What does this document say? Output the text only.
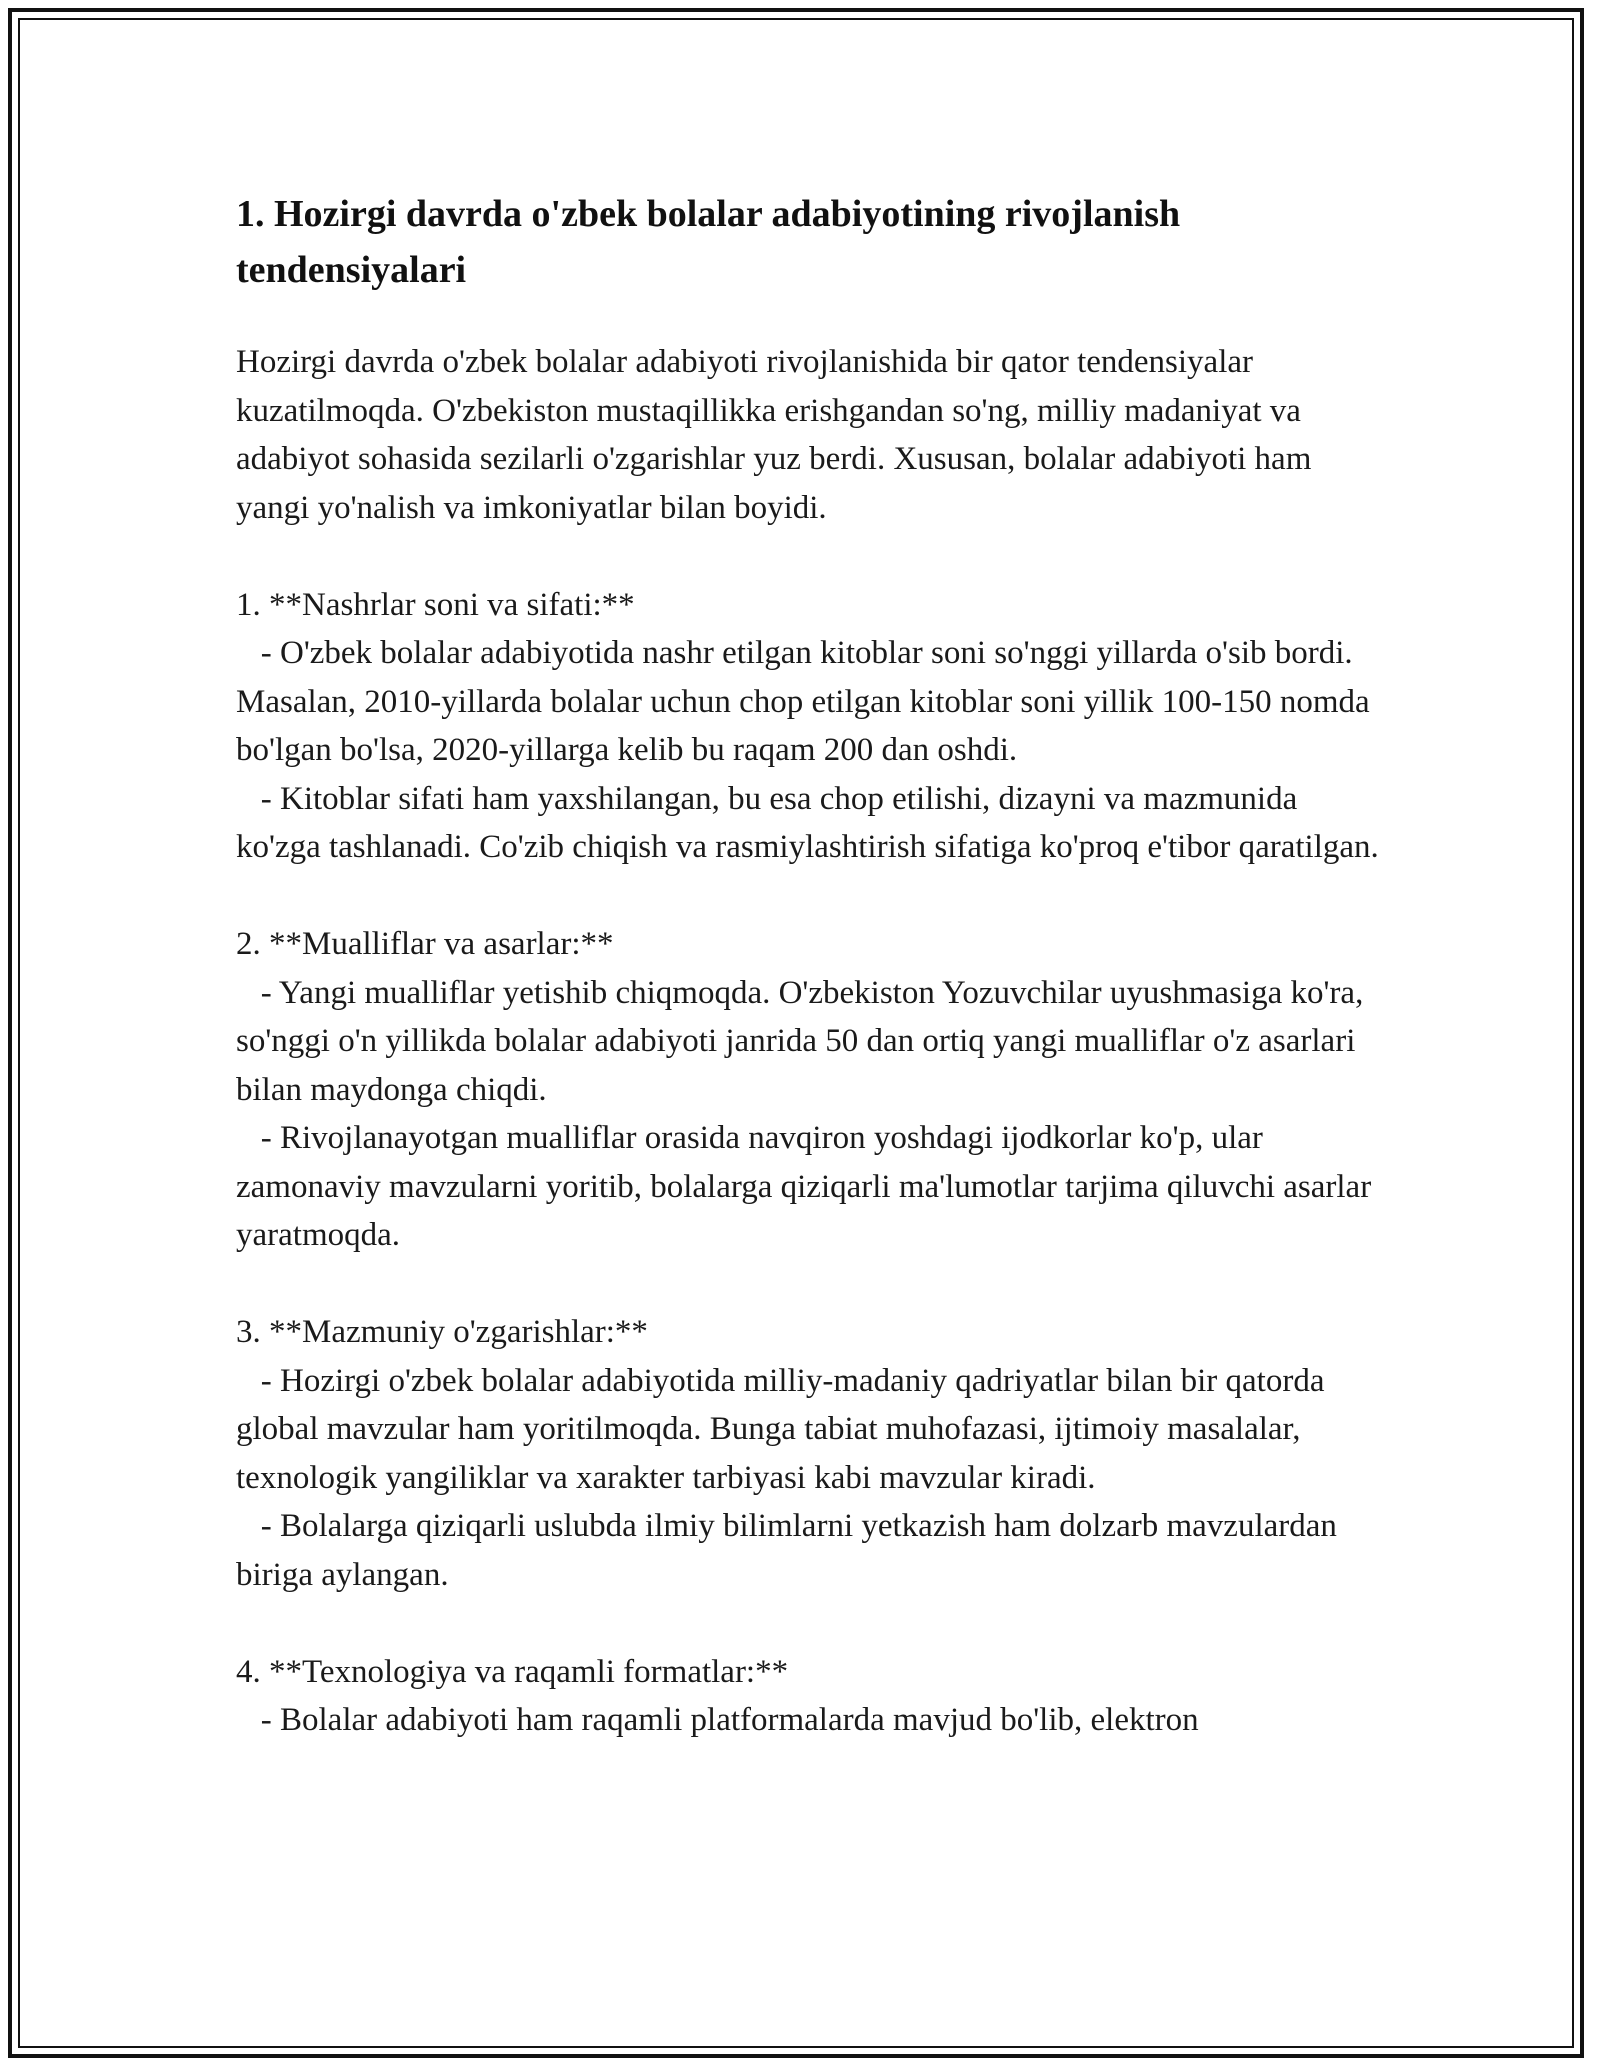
1. Hozirgi davrda o'zbek bolalar adabiyotining rivojlanish tendensiyalari

Hozirgi davrda o'zbek bolalar adabiyoti rivojlanishida bir qator tendensiyalar kuzatilmoqda. O'zbekiston mustaqillikka erishgandan so'ng, milliy madaniyat va adabiyot sohasida sezilarli o'zgarishlar yuz berdi. Xususan, bolalar adabiyoti ham yangi yo'nalish va imkoniyatlar bilan boyidi.

1. **Nashrlar soni va sifati:**
- O'zbek bolalar adabiyotida nashr etilgan kitoblar soni so'nggi yillarda o'sib bordi. Masalan, 2010-yillarda bolalar uchun chop etilgan kitoblar soni yillik 100-150 nomda bo'lgan bo'lsa, 2020-yillarga kelib bu raqam 200 dan oshdi.
- Kitoblar sifati ham yaxshilangan, bu esa chop etilishi, dizayni va mazmunida ko'zga tashlanadi. Co'zib chiqish va rasmiylashtirish sifatiga ko'proq e'tibor qaratilgan.

2. **Mualliflar va asarlar:**
- Yangi mualliflar yetishib chiqmoqda. O'zbekiston Yozuvchilar uyushmasiga ko'ra, so'nggi o'n yillikda bolalar adabiyoti janrida 50 dan ortiq yangi mualliflar o'z asarlari bilan maydonga chiqdi.
- Rivojlanayotgan mualliflar orasida navqiron yoshdagi ijodkorlar ko'p, ular zamonaviy mavzularni yoritib, bolalarga qiziqarli ma'lumotlar tarjima qiluvchi asarlar yaratmoqda.

3. **Mazmuniy o'zgarishlar:**
- Hozirgi o'zbek bolalar adabiyotida milliy-madaniy qadriyatlar bilan bir qatorda global mavzular ham yoritilmoqda. Bunga tabiat muhofazasi, ijtimoiy masalalar, texnologik yangiliklar va xarakter tarbiyasi kabi mavzular kiradi.
- Bolalarga qiziqarli uslubda ilmiy bilimlarni yetkazish ham dolzarb mavzulardan biriga aylangan.

4. **Texnologiya va raqamli formatlar:**
- Bolalar adabiyoti ham raqamli platformalarda mavjud bo'lib, elektron
